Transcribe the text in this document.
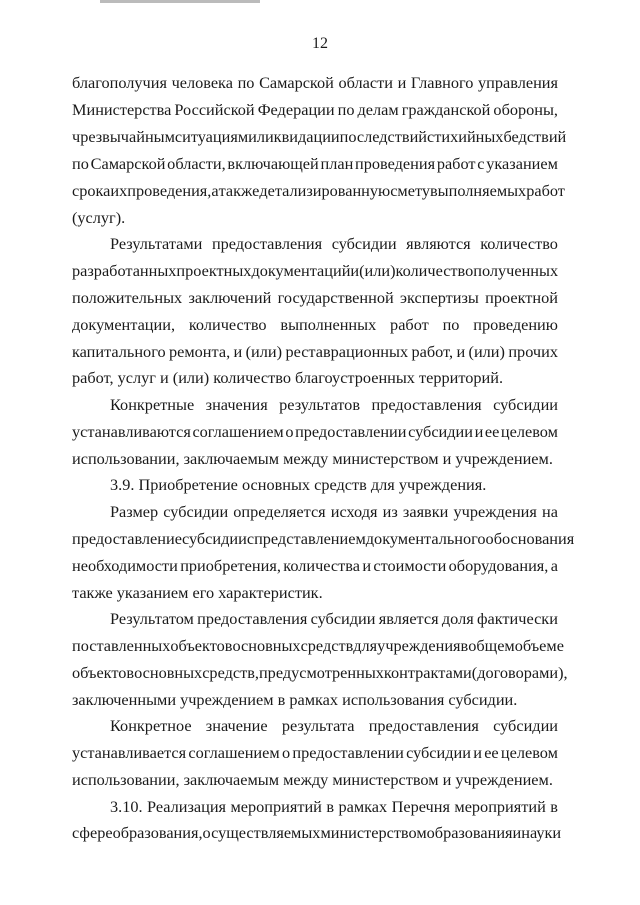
12
благополучия человека по Самарской области и Главного управления
Министерства Российской Федерации по делам гражданской обороны,
чрезвычайным ситуациям и ликвидации последствий стихийных бедствий
по Самарской области, включающей план проведения работ с указанием
срока их проведения, а также детализированную смету выполняемых работ
(услуг).
Результатами предоставления субсидии являются количество
разработанных проектных документаций и (или) количество полученных
положительных заключений государственной экспертизы проектной
документации, количество выполненных работ по проведению
капитального ремонта, и (или) реставрационных работ, и (или) прочих
работ, услуг и (или) количество благоустроенных территорий.
Конкретные значения результатов предоставления субсидии
устанавливаются соглашением о предоставлении субсидии и ее целевом
использовании, заключаемым между министерством и учреждением.
3.9. Приобретение основных средств для учреждения.
Размер субсидии определяется исходя из заявки учреждения на
предоставление субсидии с представлением документального обоснования
необходимости приобретения, количества и стоимости оборудования, а
также указанием его характеристик.
Результатом предоставления субсидии является доля фактически
поставленных объектов основных средств для учреждения в общем объеме
объектов основных средств, предусмотренных контрактами (договорами),
заключенными учреждением в рамках использования субсидии.
Конкретное значение результата предоставления субсидии
устанавливается соглашением о предоставлении субсидии и ее целевом
использовании, заключаемым между министерством и учреждением.
3.10. Реализация мероприятий в рамках Перечня мероприятий в
сфере образования, осуществляемых министерством образования и науки
